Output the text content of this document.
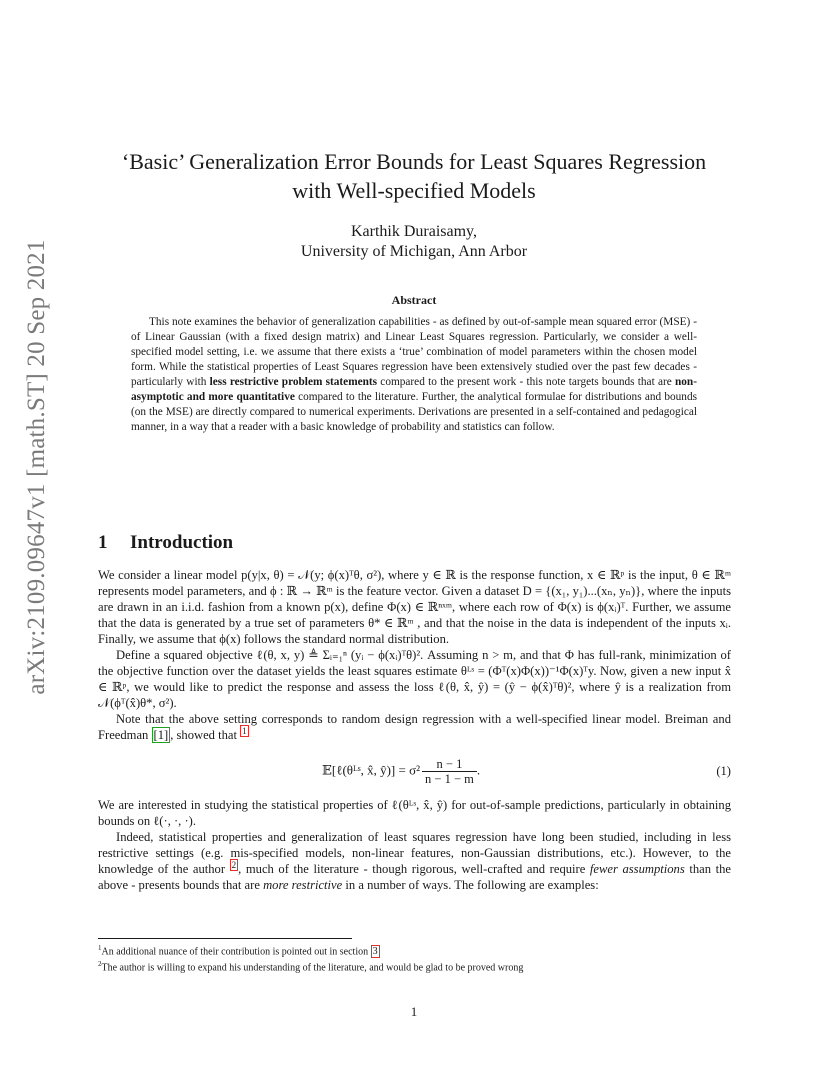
arXiv:2109.09647v1 [math.ST] 20 Sep 2021
‘Basic’ Generalization Error Bounds for Least Squares Regression
with Well-specified Models
Karthik Duraisamy,
University of Michigan, Ann Arbor
Abstract

This note examines the behavior of generalization capabilities - as defined by out-of-sample mean squared error (MSE) - of Linear Gaussian (with a fixed design matrix) and Linear Least Squares regression. Particularly, we consider a well-specified model setting, i.e. we assume that there exists a ‘true’ combination of model parameters within the chosen model form. While the statistical properties of Least Squares regression have been extensively studied over the past few decades - particularly with less restrictive problem statements compared to the present work - this note targets bounds that are non-asymptotic and more quantitative compared to the literature. Further, the analytical formulae for distributions and bounds (on the MSE) are directly compared to numerical experiments. Derivations are presented in a self-contained and pedagogical manner, in a way that a reader with a basic knowledge of probability and statistics can follow.

1 Introduction

We consider a linear model p(y|x, θ) = 𝒩(y; ϕ(x)ᵀθ, σ²), where y ∈ ℝ is the response function, x ∈ ℝᵖ is the input, θ ∈ ℝᵐ represents model parameters, and ϕ : ℝ → ℝᵐ is the feature vector. Given a dataset D = {(x₁, y₁)...(xₙ, yₙ)}, where the inputs are drawn in an i.i.d. fashion from a known p(x), define Φ(x) ∈ ℝⁿˣᵐ, where each row of Φ(x) is ϕ(xᵢ)ᵀ. Further, we assume that the data is generated by a true set of parameters θ* ∈ ℝᵐ , and that the noise in the data is independent of the inputs xᵢ. Finally, we assume that ϕ(x) follows the standard normal distribution.

Define a squared objective ℓ(θ, x, y) ≜ Σᵢ₌₁ⁿ (yᵢ − ϕ(xᵢ)ᵀθ)². Assuming n > m, and that Φ has full-rank, minimization of the objective function over the dataset yields the least squares estimate θᴸˢ = (Φᵀ(x)Φ(x))⁻¹Φ(x)ᵀy. Now, given a new input x̂ ∈ ℝᵖ, we would like to predict the response and assess the loss ℓ(θ, x̂, ŷ) = (ŷ − ϕ(x̂)ᵀθ)², where ŷ is a realization from 𝒩(ϕᵀ(x̂)θ*, σ²).

Note that the above setting corresponds to random design regression with a well-specified linear model. Breiman and Freedman [1] , showed that $^1$

𝔼[ℓ(θᴸˢ, x̂, ŷ)] = $\sigma^2 \frac{n - 1}{n - 1 - m}$ .	(1)

We are interested in studying the statistical properties of ℓ(θᴸˢ, x̂, ŷ) for out-of-sample predictions, particularly in obtaining bounds on ℓ(·, ·, ·).

Indeed, statistical properties and generalization of least squares regression have long been studied, including in less restrictive settings (e.g. mis-specified models, non-linear features, non-Gaussian distributions, etc.). However, to the knowledge of the author $^2$ , much of the literature - though rigorous, well-crafted and require fewer assumptions than the above - presents bounds that are more restrictive in a number of ways. The following are examples:

$^1$An additional nuance of their contribution is pointed out in section 3

$^2$The author is willing to expand his understanding of the literature, and would be glad to be proved wrong

1
